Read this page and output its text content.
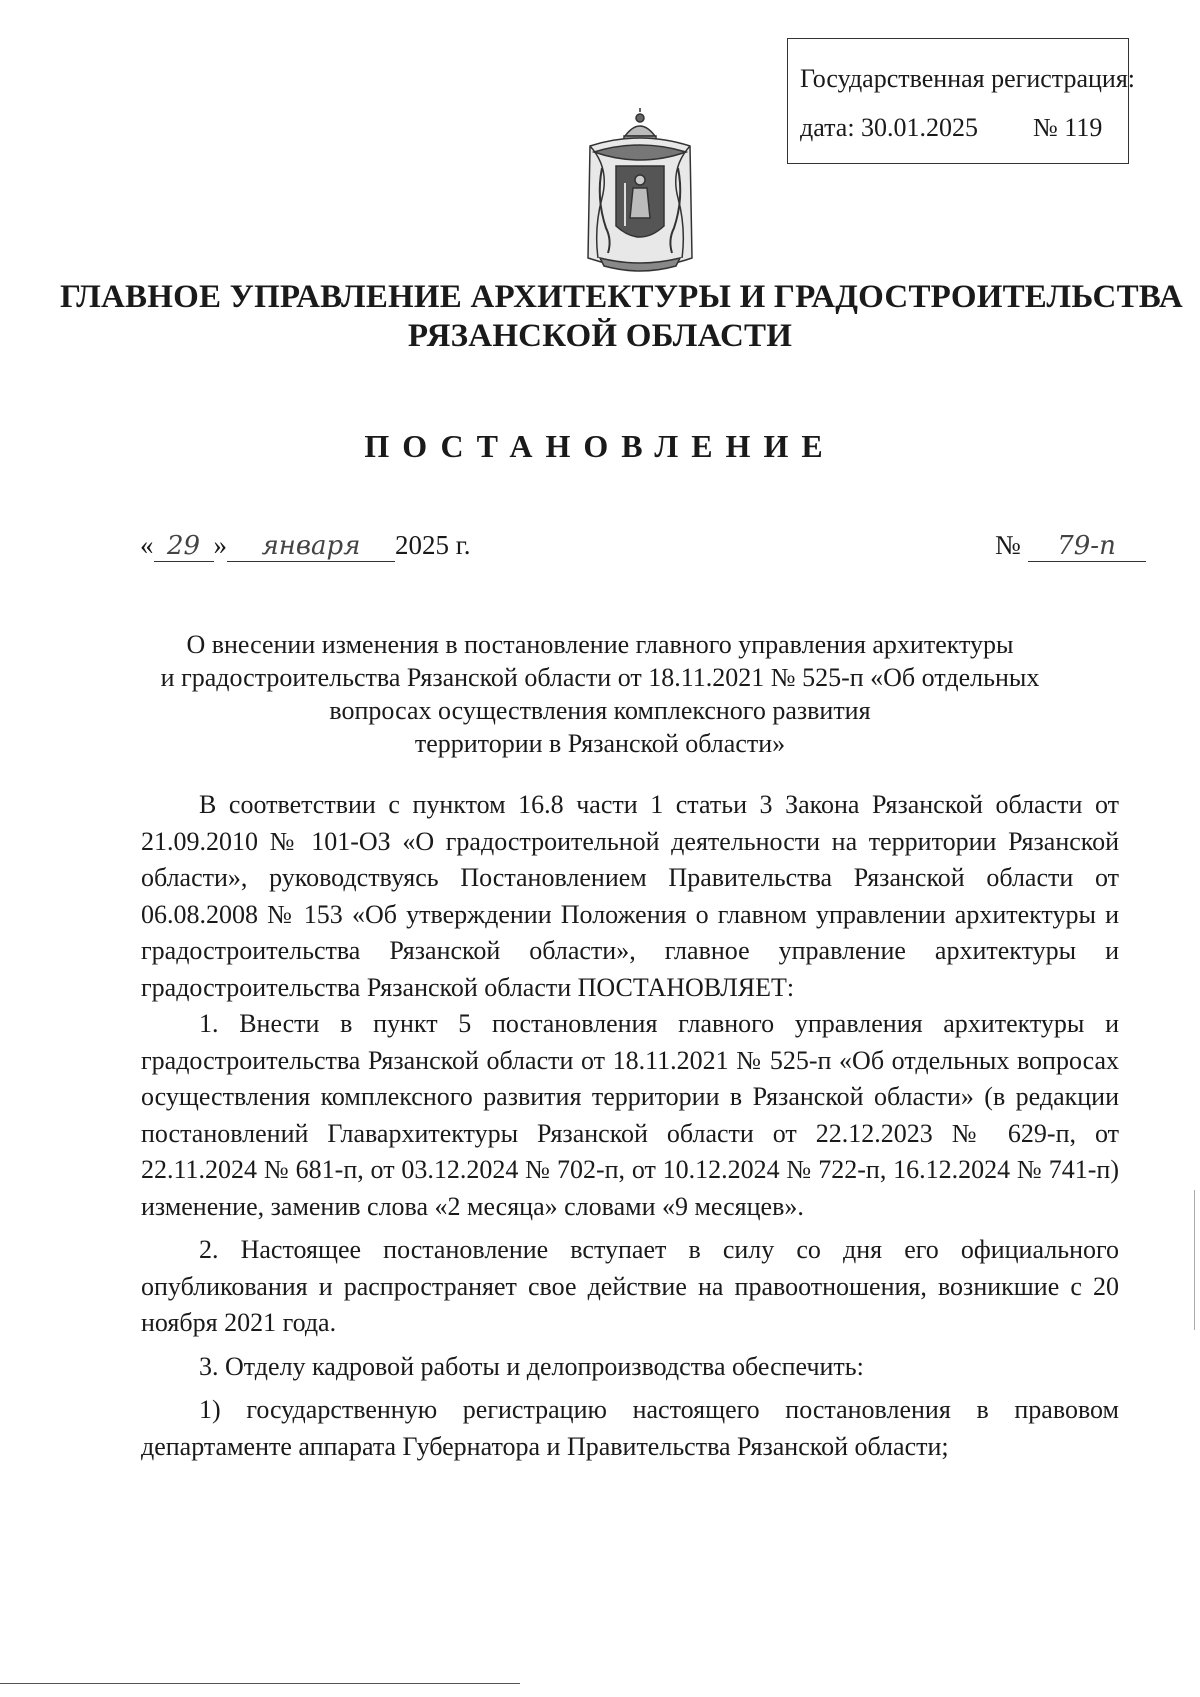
Государственная регистрация:
дата: 30.01.2025 № 119
ГЛАВНОЕ УПРАВЛЕНИЕ АРХИТЕКТУРЫ И ГРАДОСТРОИТЕЛЬСТВА
РЯЗАНСКОЙ ОБЛАСТИ
ПОСТАНОВЛЕНИЕ
« 29 » января 2025 г.	№ 79-п
О внесении изменения в постановление главного управления архитектуры
и градостроительства Рязанской области от 18.11.2021 № 525-п «Об отдельных
вопросах осуществления комплексного развития
территории в Рязанской области»

В соответствии с пунктом 16.8 части 1 статьи 3 Закона Рязанской области от 21.09.2010 № 101-ОЗ «О градостроительной деятельности на территории Рязанской области», руководствуясь Постановлением Правительства Рязанской области от 06.08.2008 № 153 «Об утверждении Положения о главном управлении архитектуры и градостроительства Рязанской области», главное управление архитектуры и градостроительства Рязанской области ПОСТАНОВЛЯЕТ:

1. Внести в пункт 5 постановления главного управления архитектуры и градостроительства Рязанской области от 18.11.2021 № 525-п «Об отдельных вопросах осуществления комплексного развития территории в Рязанской области» (в редакции постановлений Главархитектуры Рязанской области от 22.12.2023 № 629-п, от 22.11.2024 № 681-п, от 03.12.2024 № 702-п, от 10.12.2024 № 722-п, 16.12.2024 № 741-п) изменение, заменив слова «2 месяца» словами «9 месяцев».

2. Настоящее постановление вступает в силу со дня его официального опубликования и распространяет свое действие на правоотношения, возникшие с 20 ноября 2021 года.

3. Отделу кадровой работы и делопроизводства обеспечить:

1) государственную регистрацию настоящего постановления в правовом департаменте аппарата Губернатора и Правительства Рязанской области;
